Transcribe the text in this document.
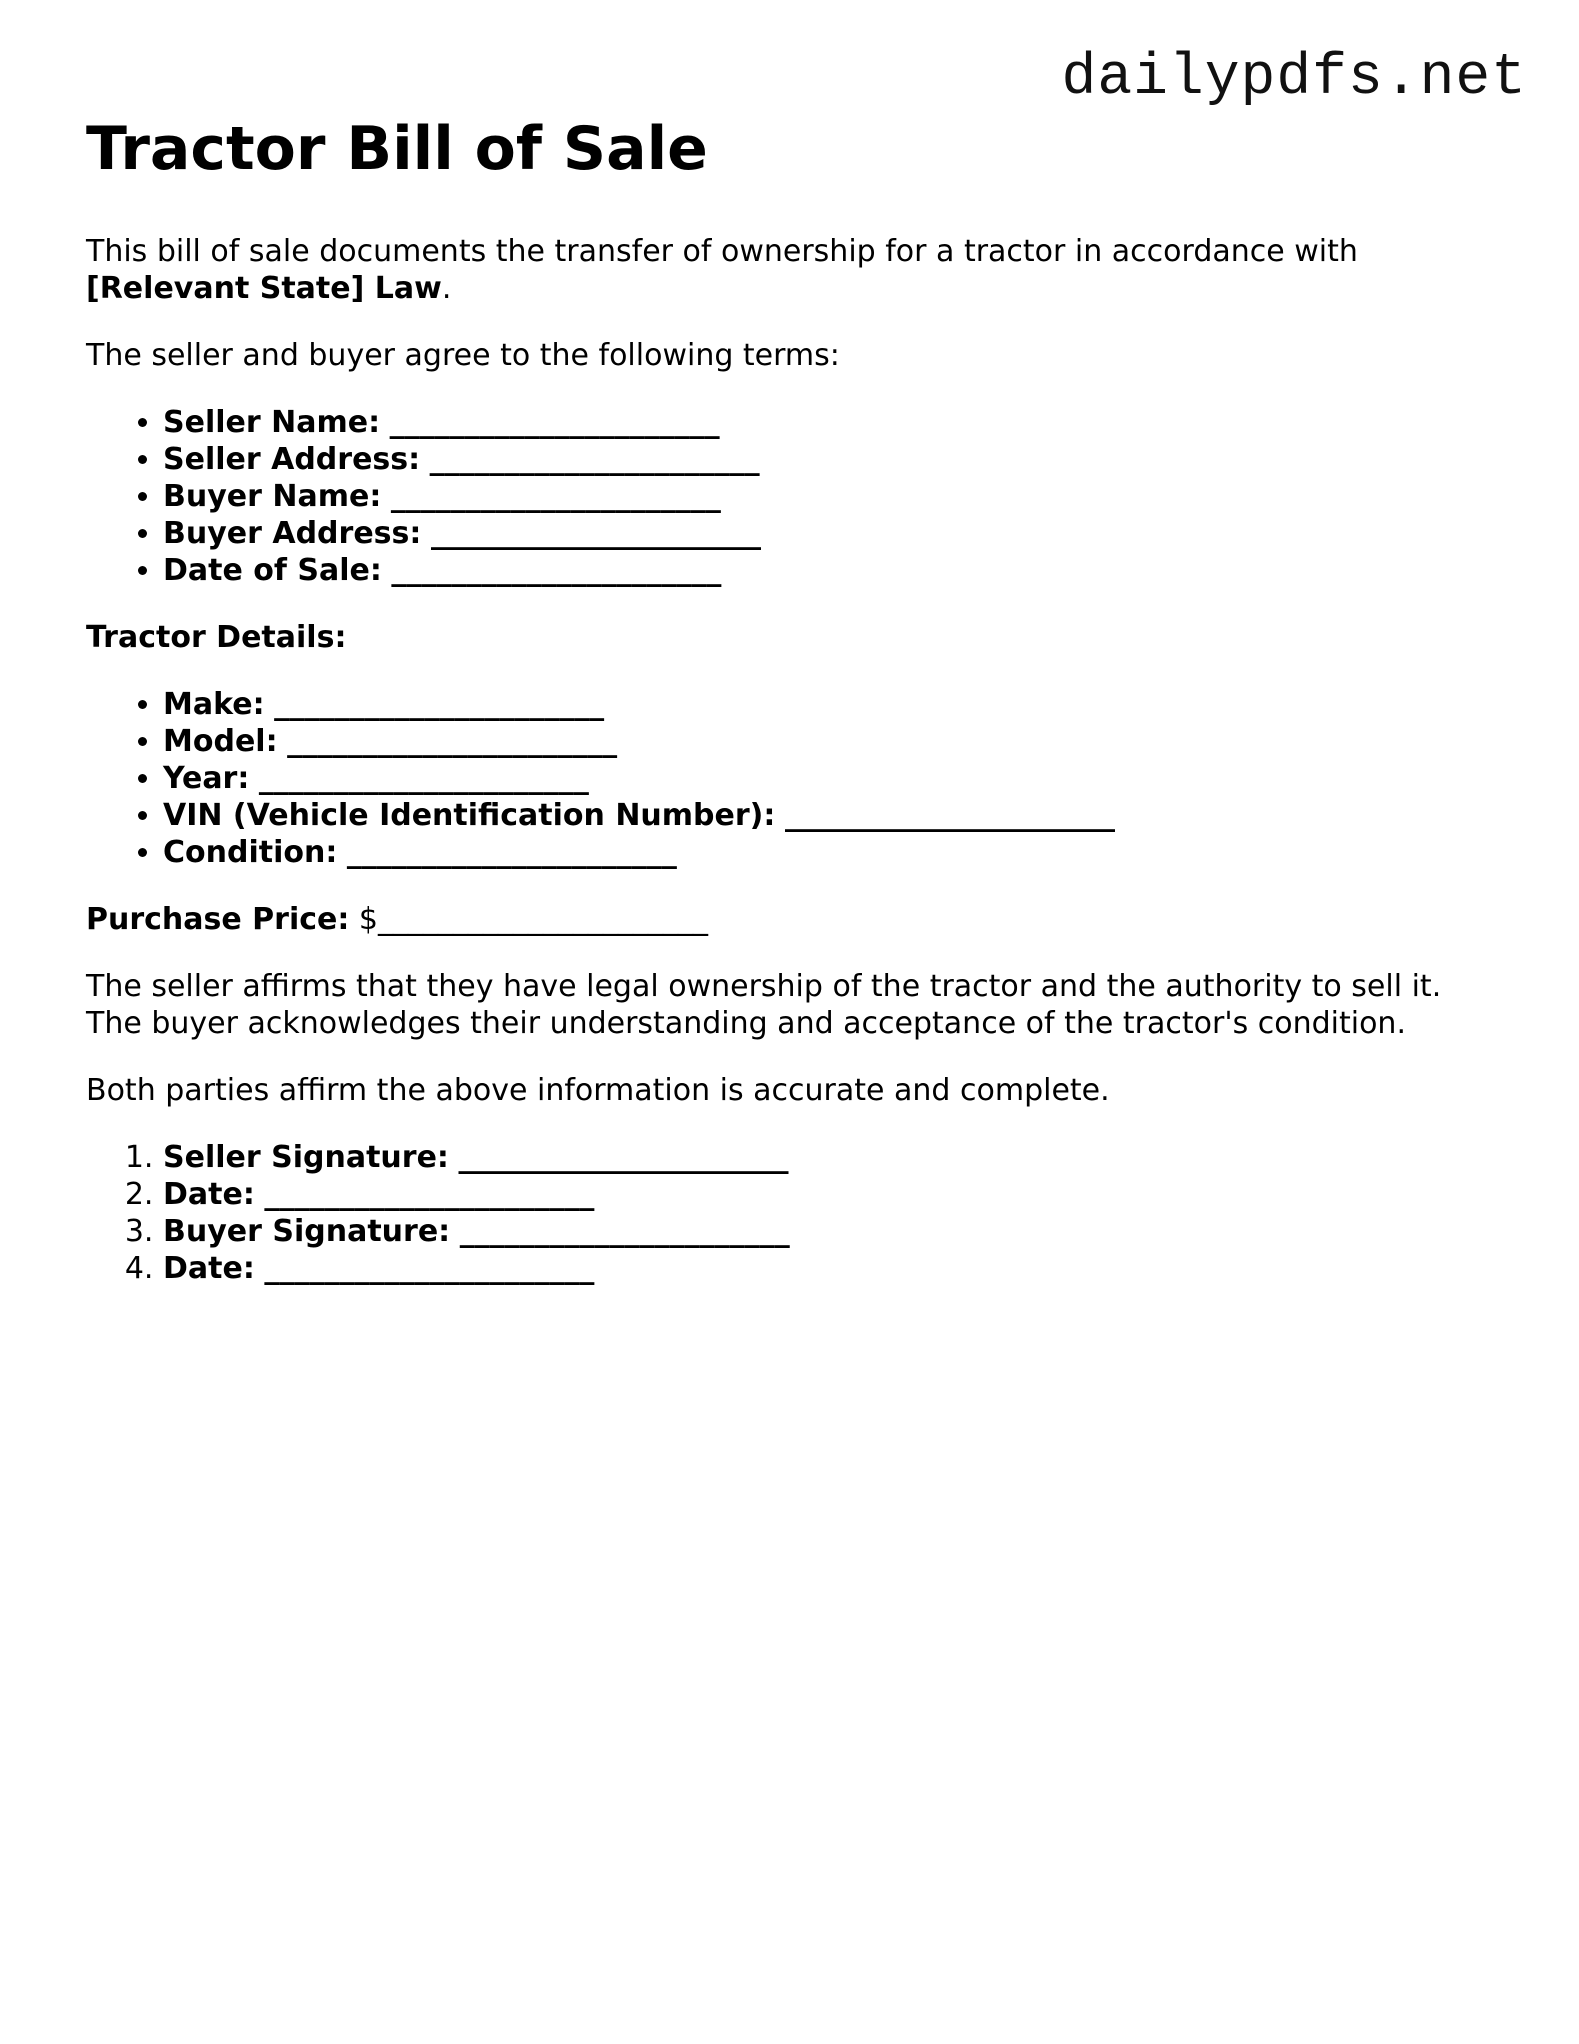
dailypdfs.net
Tractor Bill of Sale

This bill of sale documents the transfer of ownership for a tractor in accordance with
[Relevant State] Law.

The seller and buyer agree to the following terms:

• Seller Name: ______________________
• Seller Address: ______________________
• Buyer Name: ______________________
• Buyer Address: ______________________
• Date of Sale: ______________________

Tractor Details:

• Make: ______________________
• Model: ______________________
• Year: ______________________
• VIN (Vehicle Identification Number): ______________________
• Condition: ______________________

Purchase Price: $______________________

The seller affirms that they have legal ownership of the tractor and the authority to sell it.
The buyer acknowledges their understanding and acceptance of the tractor's condition.

Both parties affirm the above information is accurate and complete.

1. Seller Signature: ______________________
2. Date: ______________________
3. Buyer Signature: ______________________
4. Date: ______________________
